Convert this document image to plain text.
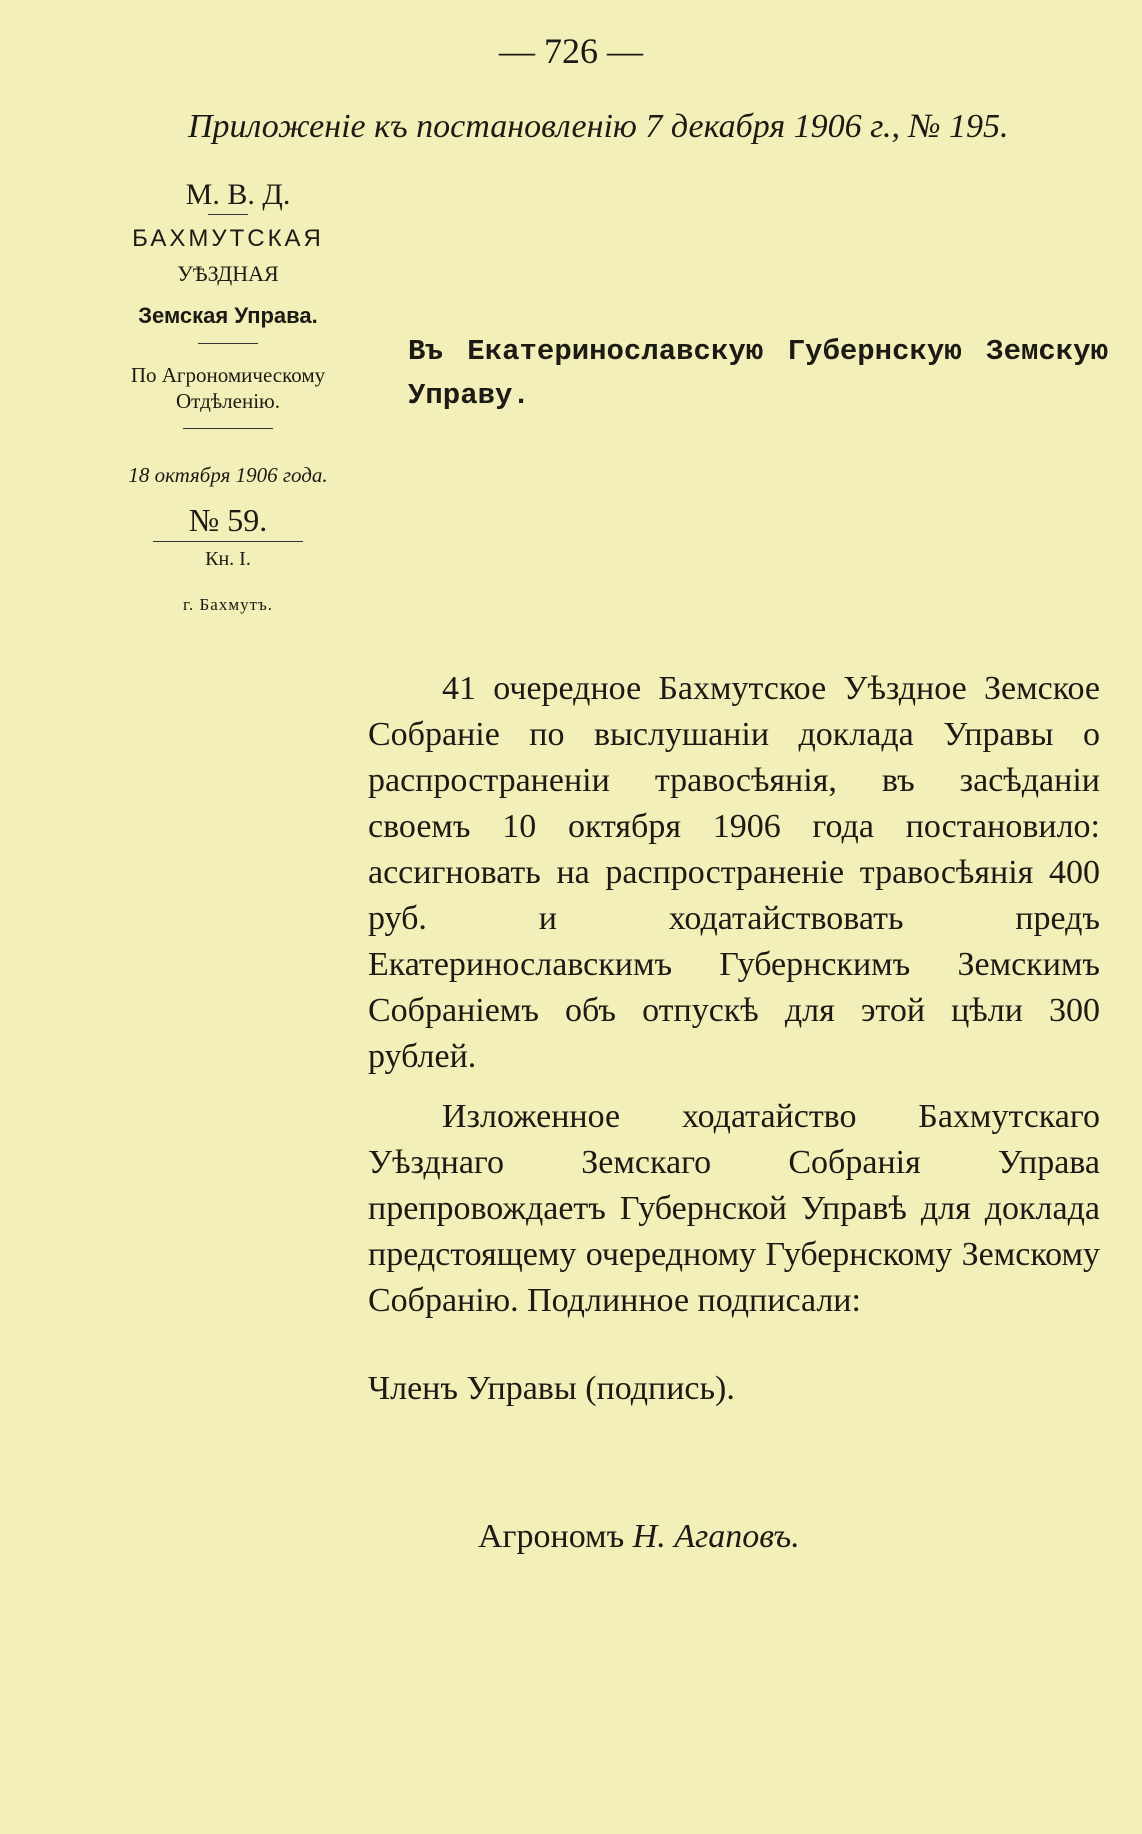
— 726 —
Приложеніе къ постановленію 7 декабря 1906 г., № 195.
М. В. Д.
БАХМУТСКАЯ
УѢЗДНАЯ
Земская Управа.
По Агрономическому Отдѣленію.
18 октября 1906 года.
№ 59.
Кн. I.
г. Бахмутъ.
Въ Екатеринославскую Губернскую Земскую Управу.

41 очередное Бахмутское Уѣздное Земское Собраніе по выслушаніи доклада Управы о распространеніи травосѣянія, въ засѣданіи своемъ 10 октября 1906 года постановило: ассигновать на распространеніе травосѣянія 400 руб. и ходатайствовать предъ Екатеринославскимъ Губернскимъ Земскимъ Собраніемъ объ отпускѣ для этой цѣли 300 рублей.

Изложенное ходатайство Бахмутскаго Уѣзднаго Земскаго Собранія Управа препровождаетъ Губернской Управѣ для доклада предстоящему очередному Губернскому Земскому Собранію. Подлинное подписали:

Членъ Управы (подпись).
Агрономъ Н. Агаповъ.
